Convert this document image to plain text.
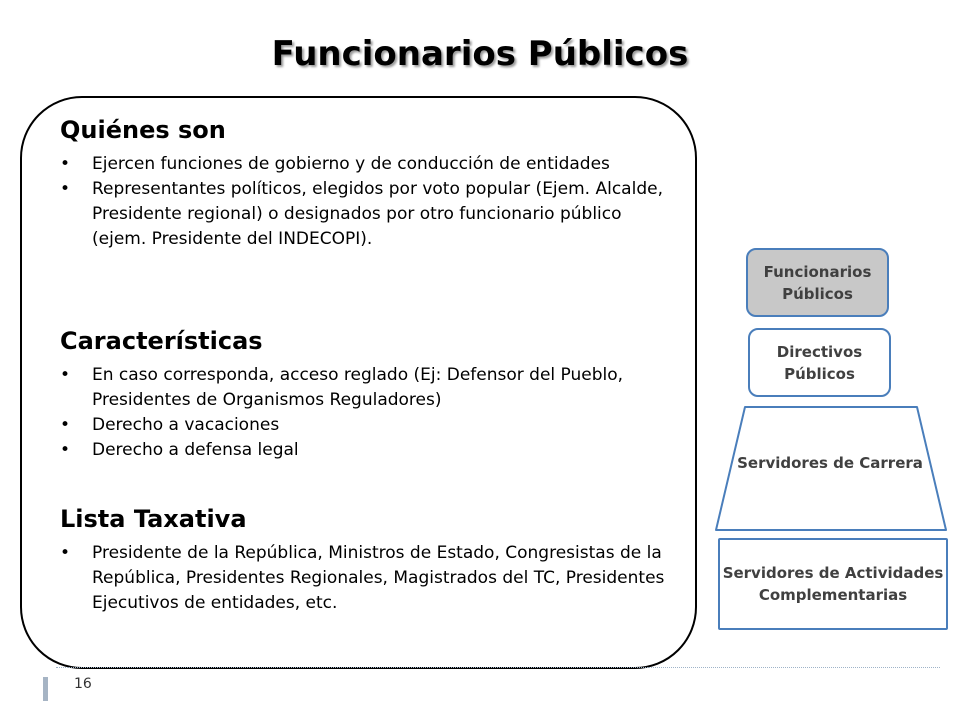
Funcionarios Públicos
Quiénes son
• Ejercen funciones de gobierno y de conducción de entidades
• Representantes políticos, elegidos por voto popular (Ejem. Alcalde, Presidente regional) o designados por otro funcionario público (ejem. Presidente del INDECOPI).
Características
• En caso corresponda, acceso reglado (Ej: Defensor del Pueblo, Presidentes de Organismos Reguladores)
• Derecho a vacaciones
• Derecho a defensa legal
Lista Taxativa
• Presidente de la República, Ministros de Estado, Congresistas de la República, Presidentes Regionales, Magistrados del TC, Presidentes Ejecutivos de entidades, etc.
Funcionarios Públicos
Directivos Públicos
Servidores de Carrera
Servidores de Actividades Complementarias
16
